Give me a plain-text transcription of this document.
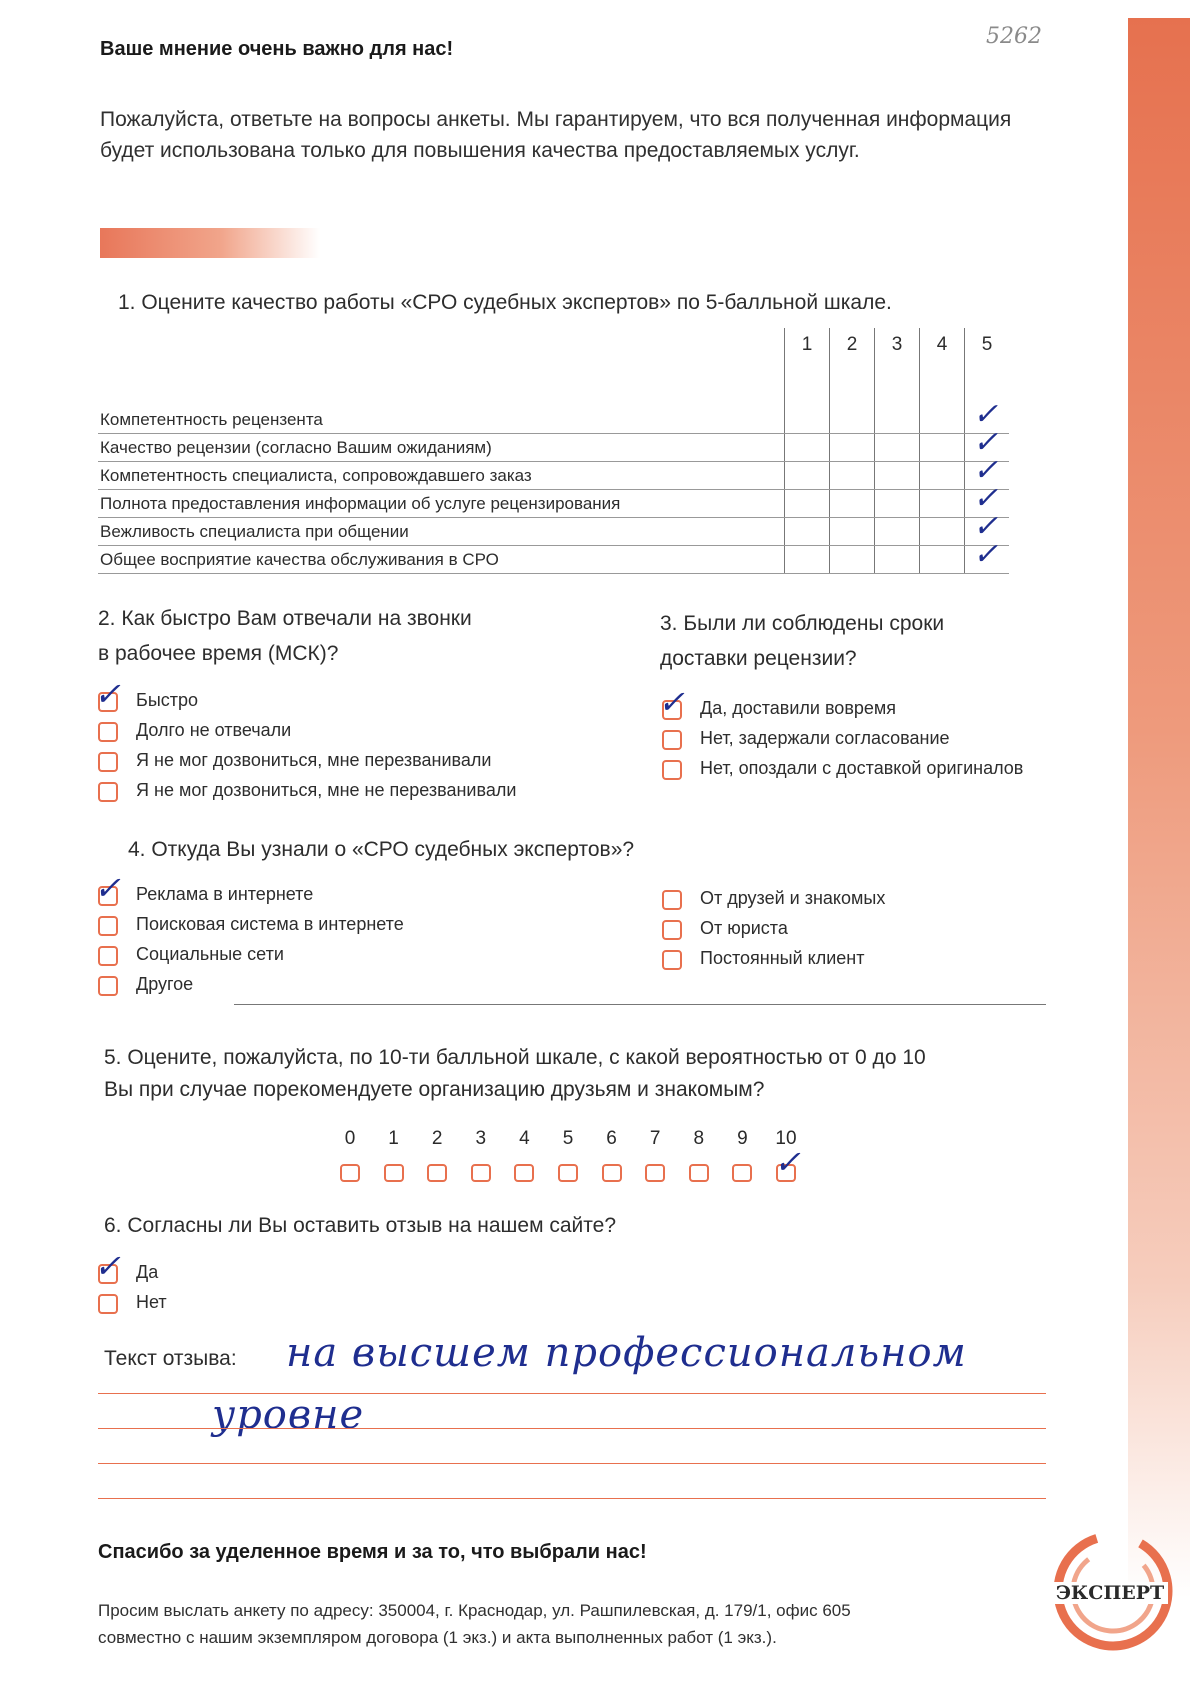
5262
Ваше мнение очень важно для нас!
Пожалуйста, ответьте на вопросы анкеты. Мы гарантируем, что вся полученная информация будет использована только для повышения качества предоставляемых услуг.
1. Оцените качество работы «СРО судебных экспертов» по 5-балльной шкале.
	1	2	3	4	5

Компетентность рецензента					✓

Качество рецензии (согласно Вашим ожиданиям)					✓

Компетентность специалиста, сопровождавшего заказ					✓

Полнота предоставления информации об услуге рецензирования					✓

Вежливость специалиста при общении					✓

Общее восприятие качества обслуживания в СРО					✓
2. Как быстро Вам отвечали на звонки
в рабочее время (МСК)?
✓ Быстро
Долго не отвечали
Я не мог дозвониться, мне перезванивали
Я не мог дозвониться, мне не перезванивали
3. Были ли соблюдены сроки
доставки рецензии?
✓ Да, доставили вовремя
Нет, задержали согласование
Нет, опоздали с доставкой оригиналов
4. Откуда Вы узнали о «СРО судебных экспертов»?
✓ Реклама в интернете
Поисковая система в интернете
Социальные сети
Другое
От друзей и знакомых
От юриста
Постоянный клиент
5. Оцените, пожалуйста, по 10-ти балльной шкале, с какой вероятностью от 0 до 10
Вы при случае порекомендуете организацию друзьям и знакомым?
0	1	2	3	4	5	6	7	8	9	10
✓
6. Согласны ли Вы оставить отзыв на нашем сайте?
✓ Да
Нет
Текст отзыва: на высшем профессиональном
уровне
Спасибо за уделенное время и за то, что выбрали нас!
Просим выслать анкету по адресу: 350004, г. Краснодар, ул. Рашпилевская, д. 179/1, офис 605
совместно с нашим экземпляром договора (1 экз.) и акта выполненных работ (1 экз.).
ЭКСПЕРТ
